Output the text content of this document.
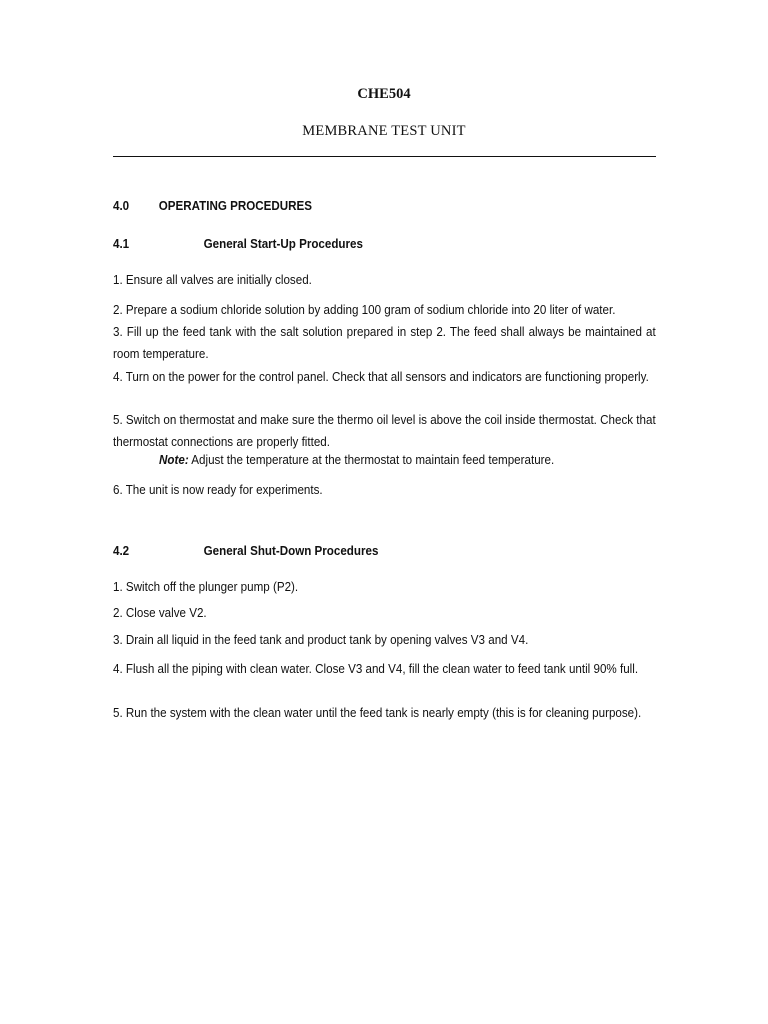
CHE504
MEMBRANE TEST UNIT
4.0 OPERATING PROCEDURES
4.1	General Start-Up Procedures
1. Ensure all valves are initially closed.
2. Prepare a sodium chloride solution by adding 100 gram of sodium chloride into 20 liter of water.
3. Fill up the feed tank with the salt solution prepared in step 2. The feed shall always be maintained at room temperature.
4. Turn on the power for the control panel. Check that all sensors and indicators are functioning properly.
5. Switch on thermostat and make sure the thermo oil level is above the coil inside thermostat. Check that thermostat connections are properly fitted.
Note: Adjust the temperature at the thermostat to maintain feed temperature.
6. The unit is now ready for experiments.
4.2	General Shut-Down Procedures
1. Switch off the plunger pump (P2).
2. Close valve V2.
3. Drain all liquid in the feed tank and product tank by opening valves V3 and V4.
4. Flush all the piping with clean water. Close V3 and V4, fill the clean water to feed tank until 90% full.
5. Run the system with the clean water until the feed tank is nearly empty (this is for cleaning purpose).
